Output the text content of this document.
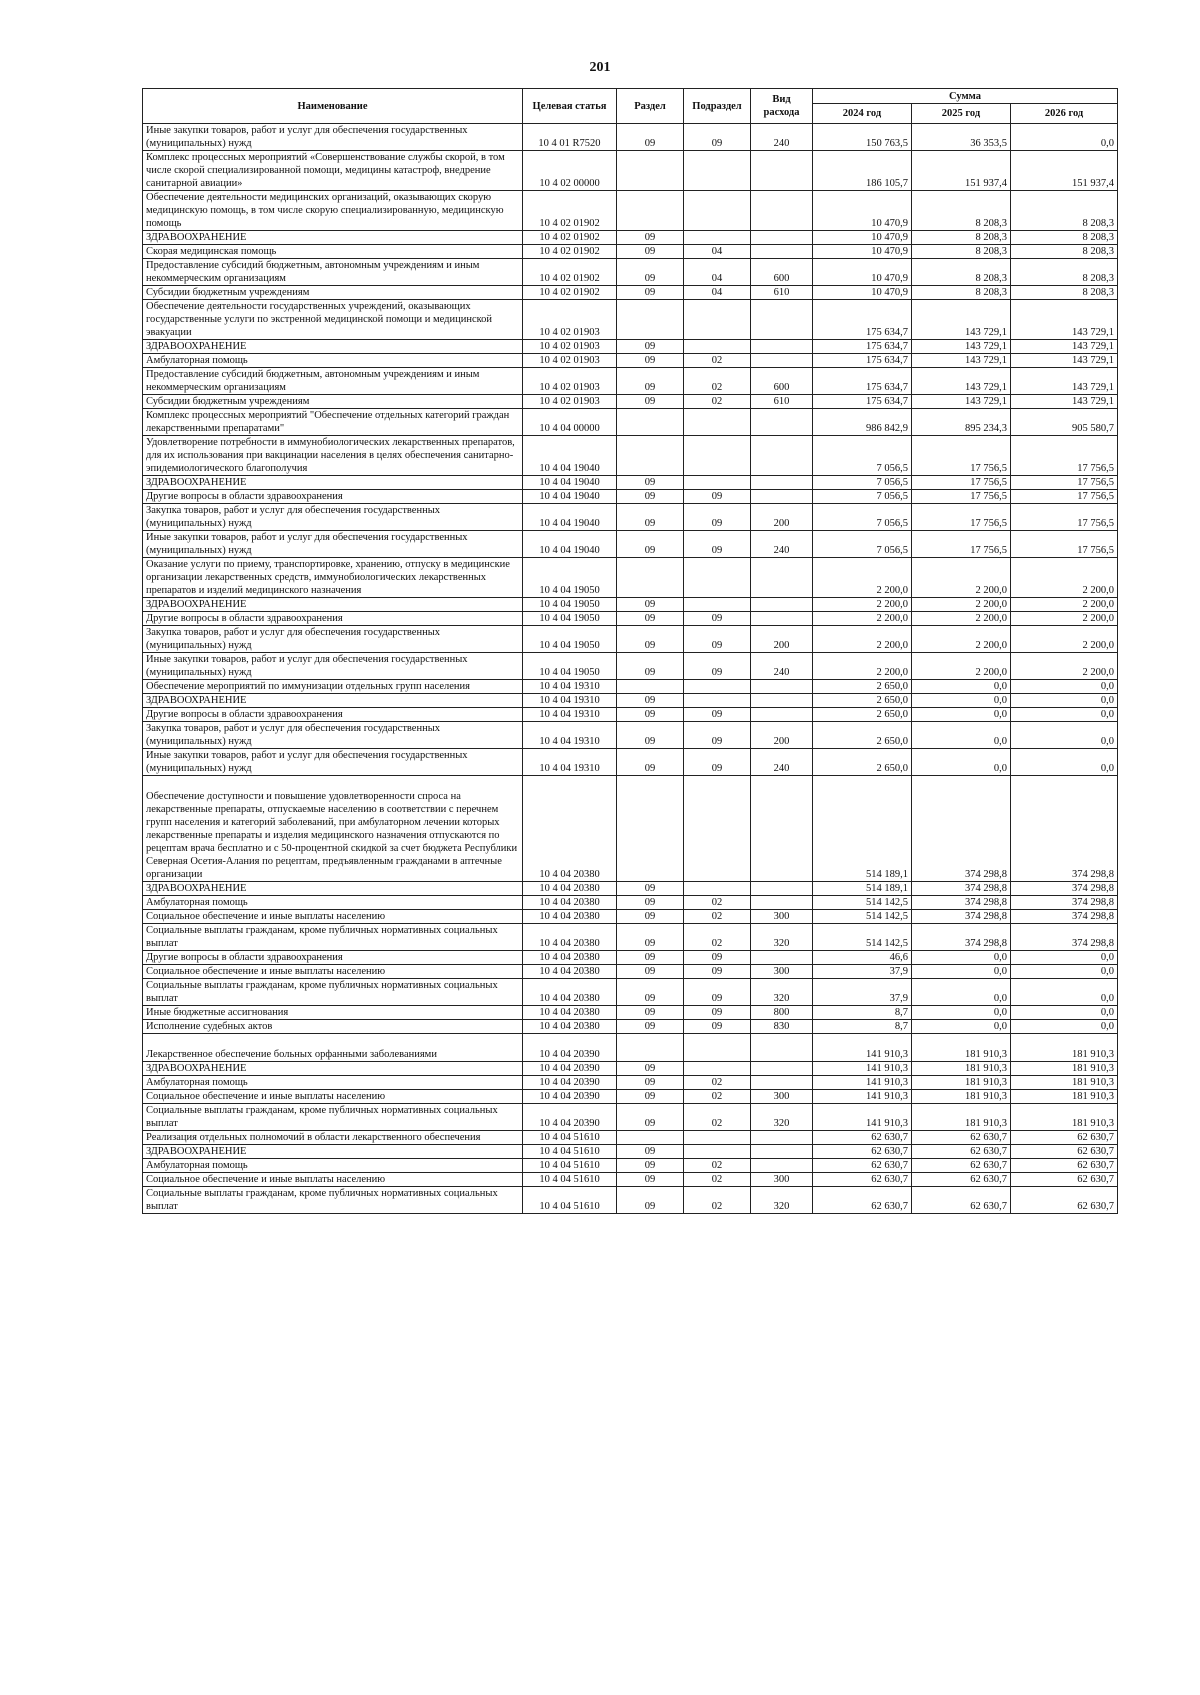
201
Наименование	Целевая статья	Раздел	Подраздел	Вид расхода	Сумма		
					2024 год	2025 год	2026 год
Иные закупки товаров, работ и услуг для обеспечения государственных (муниципальных) нужд	10 4 01 R7520	09	09	240	150 763,5	36 353,5	0,0
Комплекс процессных мероприятий «Совершенствование службы скорой, в том числе скорой специализированной помощи, медицины катастроф, внедрение санитарной авиации»	10 4 02 00000				186 105,7	151 937,4	151 937,4
Обеспечение деятельности медицинских организаций, оказывающих скорую медицинскую помощь, в том числе скорую специализированную, медицинскую помощь	10 4 02 01902				10 470,9	8 208,3	8 208,3
ЗДРАВООХРАНЕНИЕ	10 4 02 01902	09			10 470,9	8 208,3	8 208,3
Скорая медицинская помощь	10 4 02 01902	09	04		10 470,9	8 208,3	8 208,3
Предоставление субсидий бюджетным, автономным учреждениям и иным некоммерческим организациям	10 4 02 01902	09	04	600	10 470,9	8 208,3	8 208,3
Субсидии бюджетным учреждениям	10 4 02 01902	09	04	610	10 470,9	8 208,3	8 208,3
Обеспечение деятельности государственных учреждений, оказывающих государственные услуги по экстренной медицинской помощи и медицинской эвакуации	10 4 02 01903				175 634,7	143 729,1	143 729,1
ЗДРАВООХРАНЕНИЕ	10 4 02 01903	09			175 634,7	143 729,1	143 729,1
Амбулаторная помощь	10 4 02 01903	09	02		175 634,7	143 729,1	143 729,1
Предоставление субсидий бюджетным, автономным учреждениям и иным некоммерческим организациям	10 4 02 01903	09	02	600	175 634,7	143 729,1	143 729,1
Субсидии бюджетным учреждениям	10 4 02 01903	09	02	610	175 634,7	143 729,1	143 729,1
Комплекс процессных мероприятий "Обеспечение отдельных категорий граждан лекарственными препаратами"	10 4 04 00000				986 842,9	895 234,3	905 580,7
Удовлетворение потребности в иммунобиологических лекарственных препаратов, для их использования при вакцинации населения в целях обеспечения санитарно-эпидемиологического благополучия	10 4 04 19040				7 056,5	17 756,5	17 756,5
ЗДРАВООХРАНЕНИЕ	10 4 04 19040	09			7 056,5	17 756,5	17 756,5
Другие вопросы в области здравоохранения	10 4 04 19040	09	09		7 056,5	17 756,5	17 756,5
Закупка товаров, работ и услуг для обеспечения государственных (муниципальных) нужд	10 4 04 19040	09	09	200	7 056,5	17 756,5	17 756,5
Иные закупки товаров, работ и услуг для обеспечения государственных (муниципальных) нужд	10 4 04 19040	09	09	240	7 056,5	17 756,5	17 756,5
Оказание услуги по приему, транспортировке, хранению, отпуску в медицинские организации лекарственных средств, иммунобиологических лекарственных препаратов и изделий медицинского назначения	10 4 04 19050				2 200,0	2 200,0	2 200,0
ЗДРАВООХРАНЕНИЕ	10 4 04 19050	09			2 200,0	2 200,0	2 200,0
Другие вопросы в области здравоохранения	10 4 04 19050	09	09		2 200,0	2 200,0	2 200,0
Закупка товаров, работ и услуг для обеспечения государственных (муниципальных) нужд	10 4 04 19050	09	09	200	2 200,0	2 200,0	2 200,0
Иные закупки товаров, работ и услуг для обеспечения государственных (муниципальных) нужд	10 4 04 19050	09	09	240	2 200,0	2 200,0	2 200,0
Обеспечение мероприятий по иммунизации отдельных групп населения	10 4 04 19310				2 650,0	0,0	0,0
ЗДРАВООХРАНЕНИЕ	10 4 04 19310	09			2 650,0	0,0	0,0
Другие вопросы в области здравоохранения	10 4 04 19310	09	09		2 650,0	0,0	0,0
Закупка товаров, работ и услуг для обеспечения государственных (муниципальных) нужд	10 4 04 19310	09	09	200	2 650,0	0,0	0,0
Иные закупки товаров, работ и услуг для обеспечения государственных (муниципальных) нужд	10 4 04 19310	09	09	240	2 650,0	0,0	0,0
Обеспечение доступности и повышение удовлетворенности спроса на лекарственные препараты, отпускаемые населению в соответствии с перечнем групп населения и категорий заболеваний, при амбулаторном лечении которых лекарственные препараты и изделия медицинского назначения отпускаются по рецептам врача бесплатно и с 50-процентной скидкой за счет бюджета Республики Северная Осетия-Алания по рецептам, предъявленным гражданами в аптечные организации	10 4 04 20380				514 189,1	374 298,8	374 298,8
ЗДРАВООХРАНЕНИЕ	10 4 04 20380	09			514 189,1	374 298,8	374 298,8
Амбулаторная помощь	10 4 04 20380	09	02		514 142,5	374 298,8	374 298,8
Социальное обеспечение и иные выплаты населению	10 4 04 20380	09	02	300	514 142,5	374 298,8	374 298,8
Социальные выплаты гражданам, кроме публичных нормативных социальных выплат	10 4 04 20380	09	02	320	514 142,5	374 298,8	374 298,8
Другие вопросы в области здравоохранения	10 4 04 20380	09	09		46,6	0,0	0,0
Социальное обеспечение и иные выплаты населению	10 4 04 20380	09	09	300	37,9	0,0	0,0
Социальные выплаты гражданам, кроме публичных нормативных социальных выплат	10 4 04 20380	09	09	320	37,9	0,0	0,0
Иные бюджетные ассигнования	10 4 04 20380	09	09	800	8,7	0,0	0,0
Исполнение судебных актов	10 4 04 20380	09	09	830	8,7	0,0	0,0
Лекарственное обеспечение больных орфанными заболеваниями	10 4 04 20390				141 910,3	181 910,3	181 910,3
ЗДРАВООХРАНЕНИЕ	10 4 04 20390	09			141 910,3	181 910,3	181 910,3
Амбулаторная помощь	10 4 04 20390	09	02		141 910,3	181 910,3	181 910,3
Социальное обеспечение и иные выплаты населению	10 4 04 20390	09	02	300	141 910,3	181 910,3	181 910,3
Социальные выплаты гражданам, кроме публичных нормативных социальных выплат	10 4 04 20390	09	02	320	141 910,3	181 910,3	181 910,3
Реализация отдельных полномочий в области лекарственного обеспечения	10 4 04 51610				62 630,7	62 630,7	62 630,7
ЗДРАВООХРАНЕНИЕ	10 4 04 51610	09			62 630,7	62 630,7	62 630,7
Амбулаторная помощь	10 4 04 51610	09	02		62 630,7	62 630,7	62 630,7
Социальное обеспечение и иные выплаты населению	10 4 04 51610	09	02	300	62 630,7	62 630,7	62 630,7
Социальные выплаты гражданам, кроме публичных нормативных социальных выплат	10 4 04 51610	09	02	320	62 630,7	62 630,7	62 630,7
